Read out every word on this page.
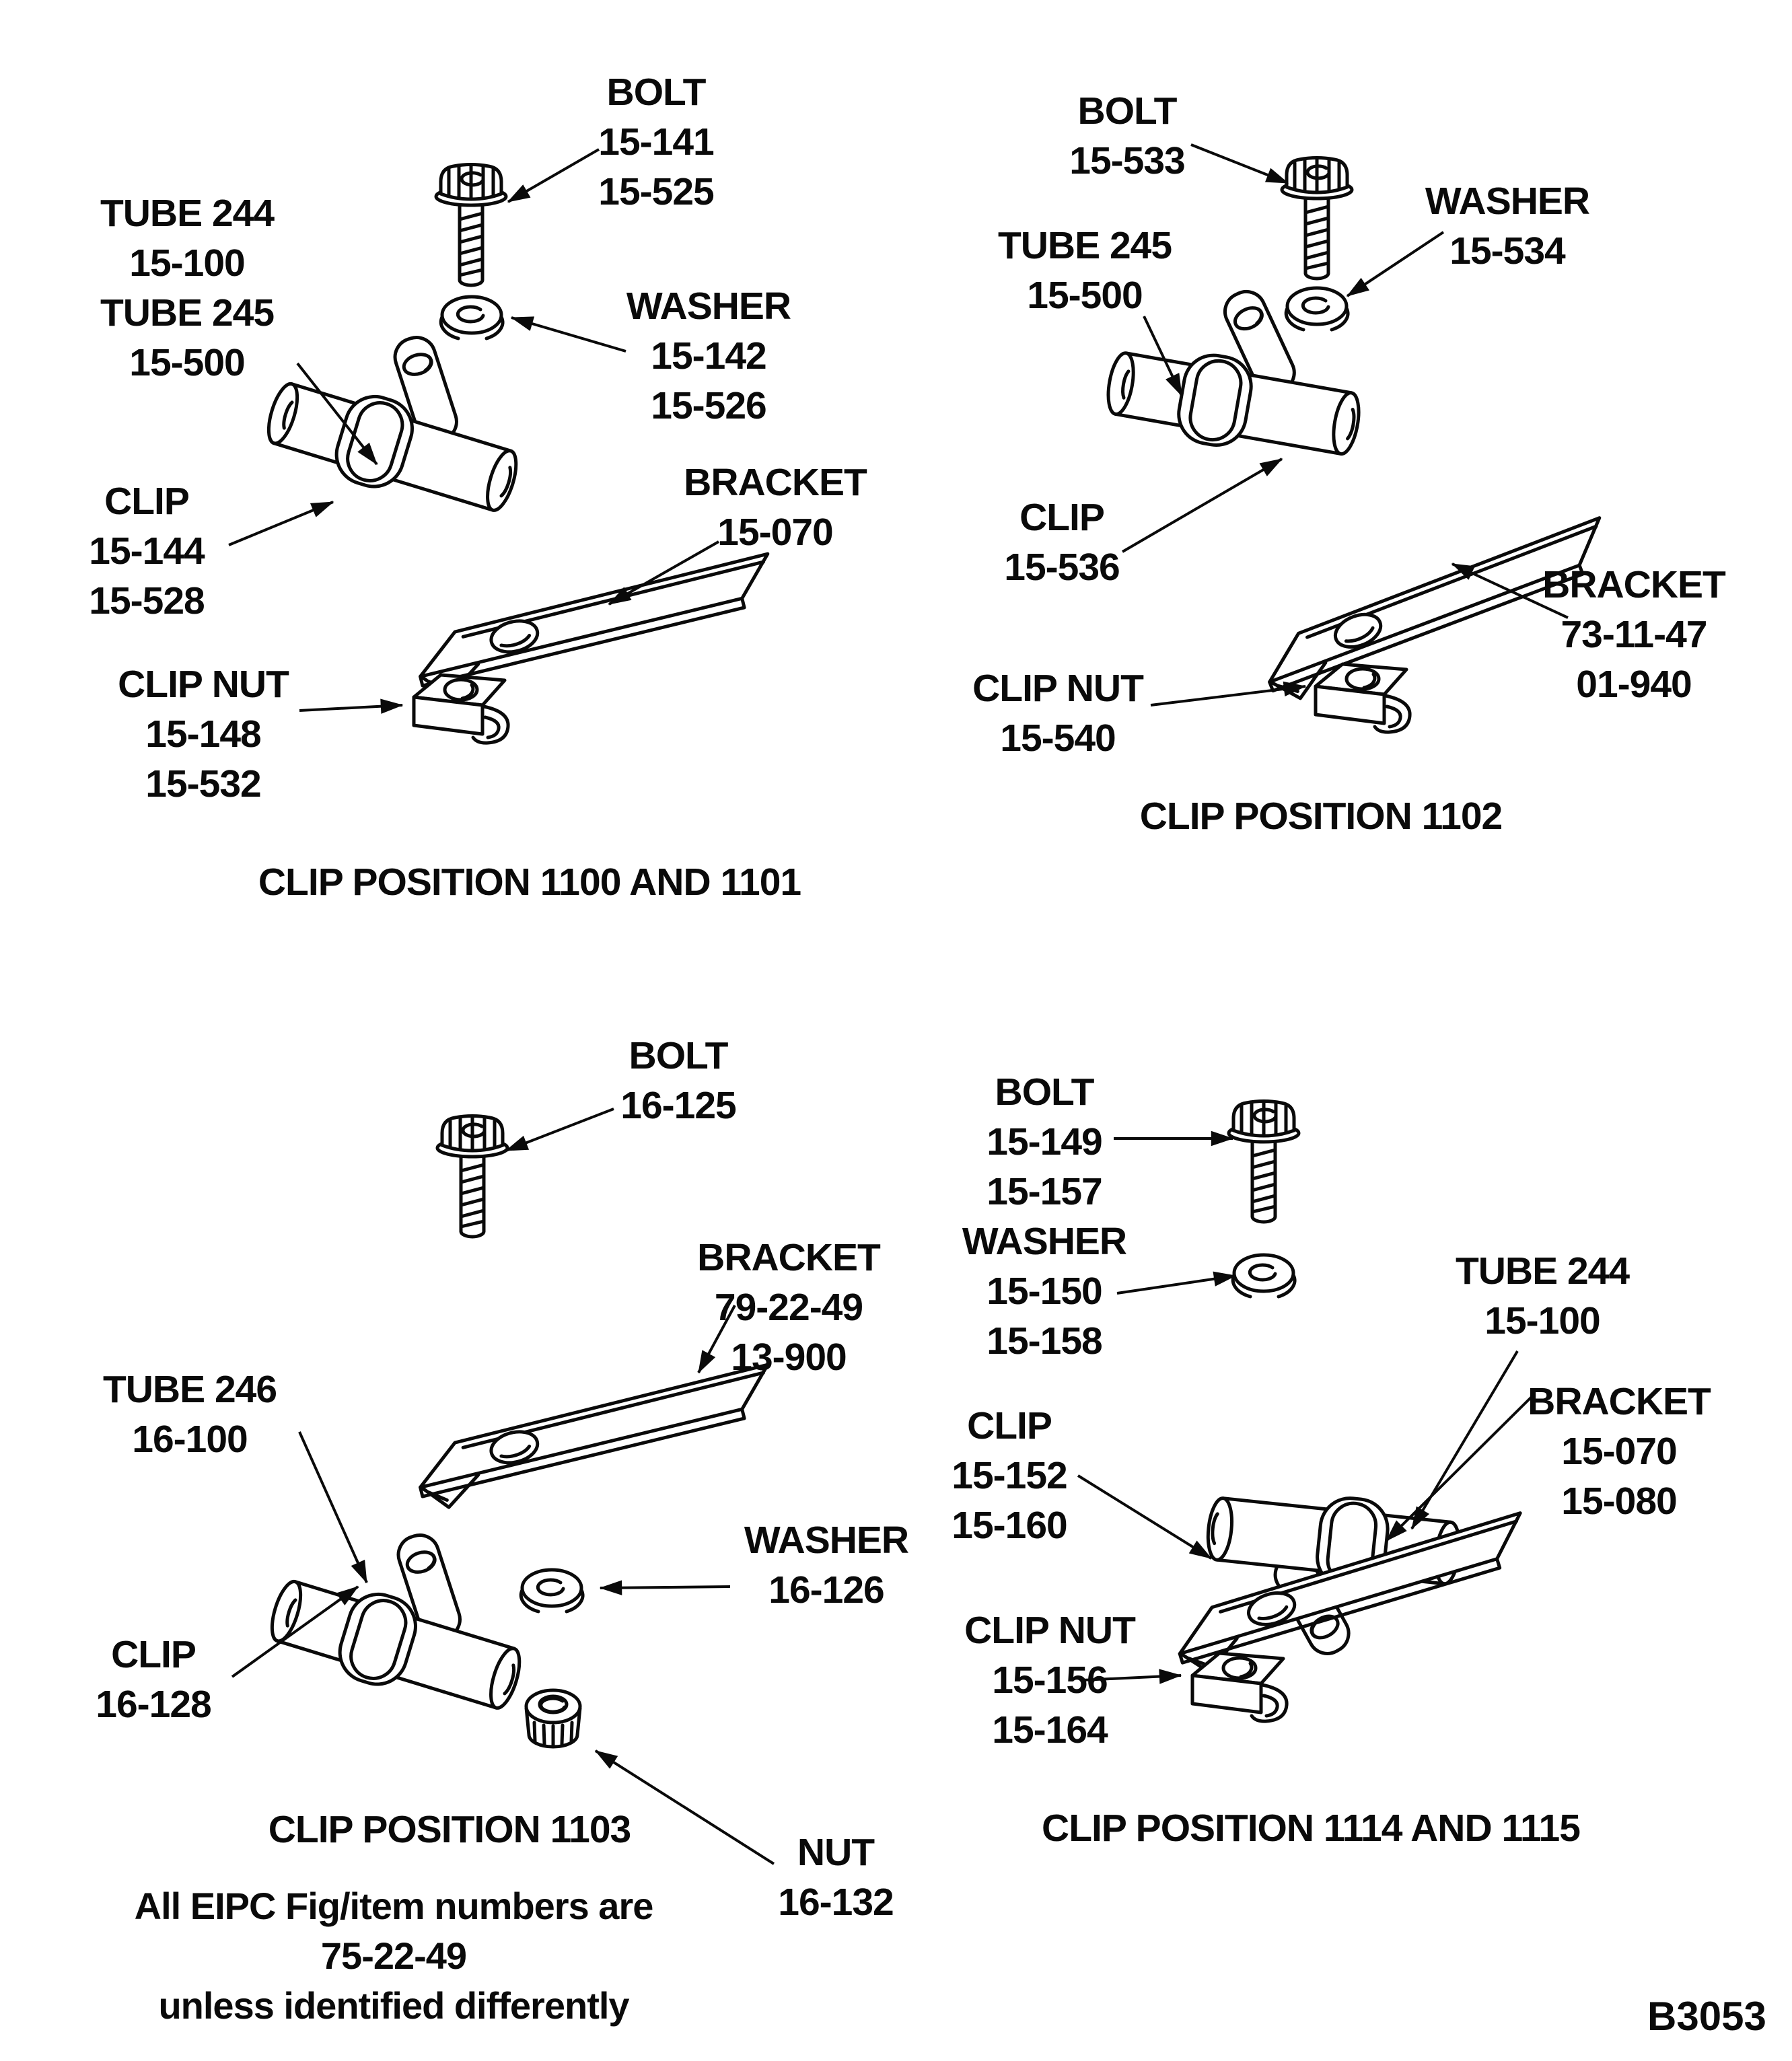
BOLT
15-141
15-525
TUBE 244
15-100
TUBE 245
15-500
WASHER
15-142
15-526
CLIP
15-144
15-528
BRACKET
15-070
CLIP NUT
15-148
15-532
CLIP POSITION 1100 AND 1101
BOLT
15-533
WASHER
15-534
TUBE 245
15-500
CLIP
15-536	BRACKET
73-11-47
01-940
CLIP NUT
15-540
CLIP POSITION 1102
BOLT
16-125
BRACKET
79-22-49
13-900
TUBE 246
16-100
CLIP
16-128
WASHER
16-126
NUT
16-132
CLIP POSITION 1103
BOLT
15-149
15-157
WASHER
15-150
15-158
CLIP
15-152
15-160
TUBE 244
15-100
BRACKET
15-070
15-080
CLIP NUT
15-156
15-164
CLIP POSITION 1114 AND 1115
All EIPC Fig/item numbers are
75-22-49
unless identified differently	B3053
